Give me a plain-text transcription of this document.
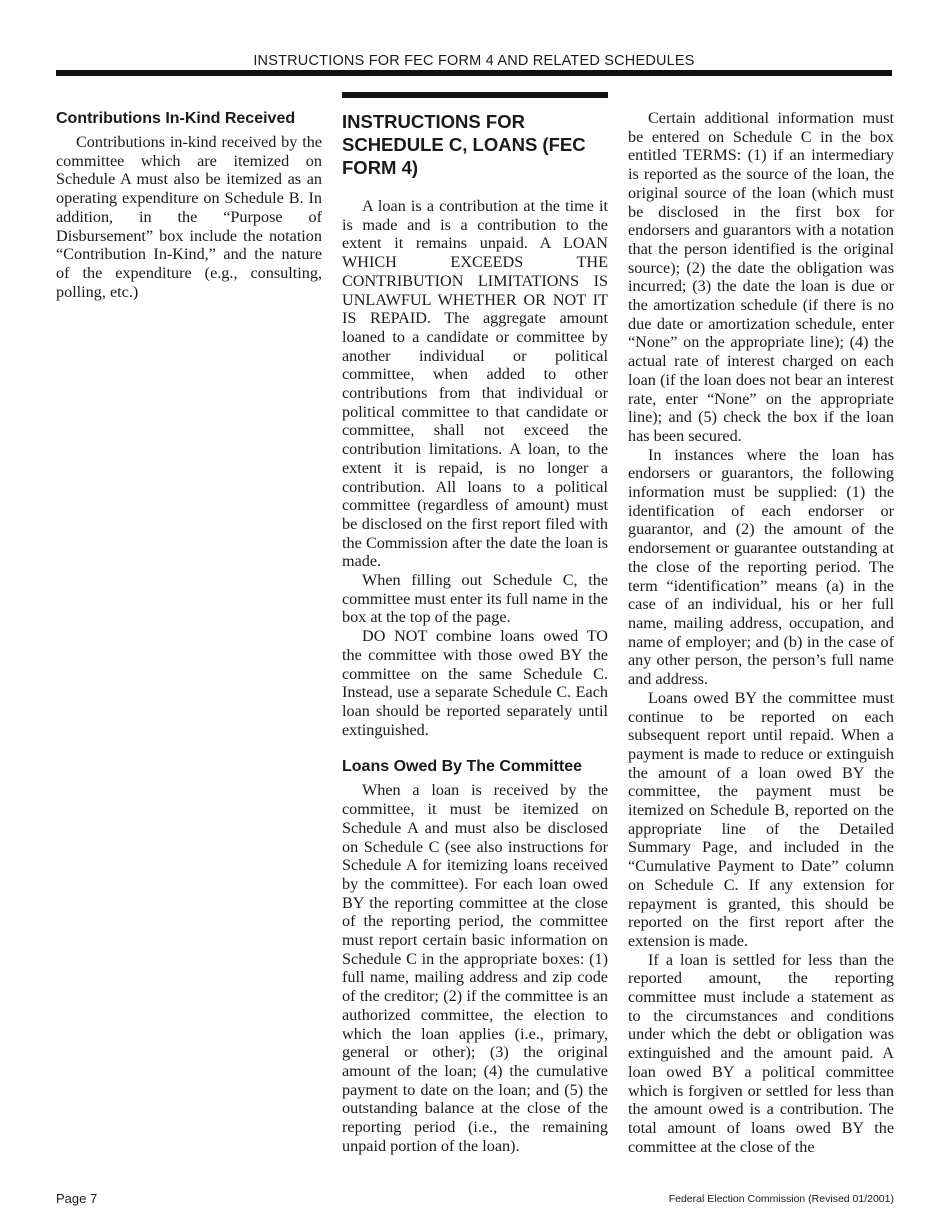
INSTRUCTIONS FOR FEC FORM 4 AND RELATED SCHEDULES
Contributions In-Kind Received

Contributions in-kind received by the committee which are itemized on Schedule A must also be itemized as an operating expenditure on Schedule B. In addition, in the “Purpose of Disbursement” box include the notation “Contribution In-Kind,” and the nature of the expenditure (e.g., consulting, polling, etc.)

INSTRUCTIONS FOR SCHEDULE C, LOANS (FEC FORM 4)

A loan is a contribution at the time it is made and is a contribution to the extent it remains unpaid. A LOAN WHICH EXCEEDS THE CONTRIBUTION LIMITATIONS IS UNLAWFUL WHETHER OR NOT IT IS REPAID. The aggregate amount loaned to a candidate or committee by another individual or political committee, when added to other contributions from that individual or political committee to that candidate or committee, shall not exceed the contribution limitations. A loan, to the extent it is repaid, is no longer a contribution. All loans to a political committee (regardless of amount) must be disclosed on the first report filed with the Commission after the date the loan is made.

When filling out Schedule C, the committee must enter its full name in the box at the top of the page.

DO NOT combine loans owed TO the committee with those owed BY the committee on the same Schedule C. Instead, use a separate Schedule C. Each loan should be reported separately until extinguished.

Loans Owed By The Committee

When a loan is received by the committee, it must be itemized on Schedule A and must also be disclosed on Schedule C (see also instructions for Schedule A for itemizing loans received by the committee). For each loan owed BY the reporting committee at the close of the reporting period, the committee must report certain basic information on Schedule C in the appropriate boxes: (1) full name, mailing address and zip code of the creditor; (2) if the committee is an authorized committee, the election to which the loan applies (i.e., primary, general or other); (3) the original amount of the loan; (4) the cumulative payment to date on the loan; and (5) the outstanding balance at the close of the reporting period (i.e., the remaining unpaid portion of the loan).

Certain additional information must be entered on Schedule C in the box entitled TERMS: (1) if an intermediary is reported as the source of the loan, the original source of the loan (which must be disclosed in the first box for endorsers and guarantors with a notation that the person identified is the original source); (2) the date the obligation was incurred; (3) the date the loan is due or the amortization schedule (if there is no due date or amortization schedule, enter “None” on the appropriate line); (4) the actual rate of interest charged on each loan (if the loan does not bear an interest rate, enter “None” on the appropriate line); and (5) check the box if the loan has been secured.

In instances where the loan has endorsers or guarantors, the following information must be supplied: (1) the identification of each endorser or guarantor, and (2) the amount of the endorsement or guarantee outstanding at the close of the reporting period. The term “identification” means (a) in the case of an individual, his or her full name, mailing address, occupation, and name of employer; and (b) in the case of any other person, the person’s full name and address.

Loans owed BY the committee must continue to be reported on each subsequent report until repaid. When a payment is made to reduce or extinguish the amount of a loan owed BY the committee, the payment must be itemized on Schedule B, reported on the appropriate line of the Detailed Summary Page, and included in the “Cumulative Payment to Date” column on Schedule C. If any extension for repayment is granted, this should be reported on the first report after the extension is made.

If a loan is settled for less than the reported amount, the reporting committee must include a statement as to the circumstances and conditions under which the debt or obligation was extinguished and the amount paid. A loan owed BY a political committee which is forgiven or settled for less than the amount owed is a contribution. The total amount of loans owed BY the committee at the close of the

Page 7	Federal Election Commission (Revised 01/2001)
